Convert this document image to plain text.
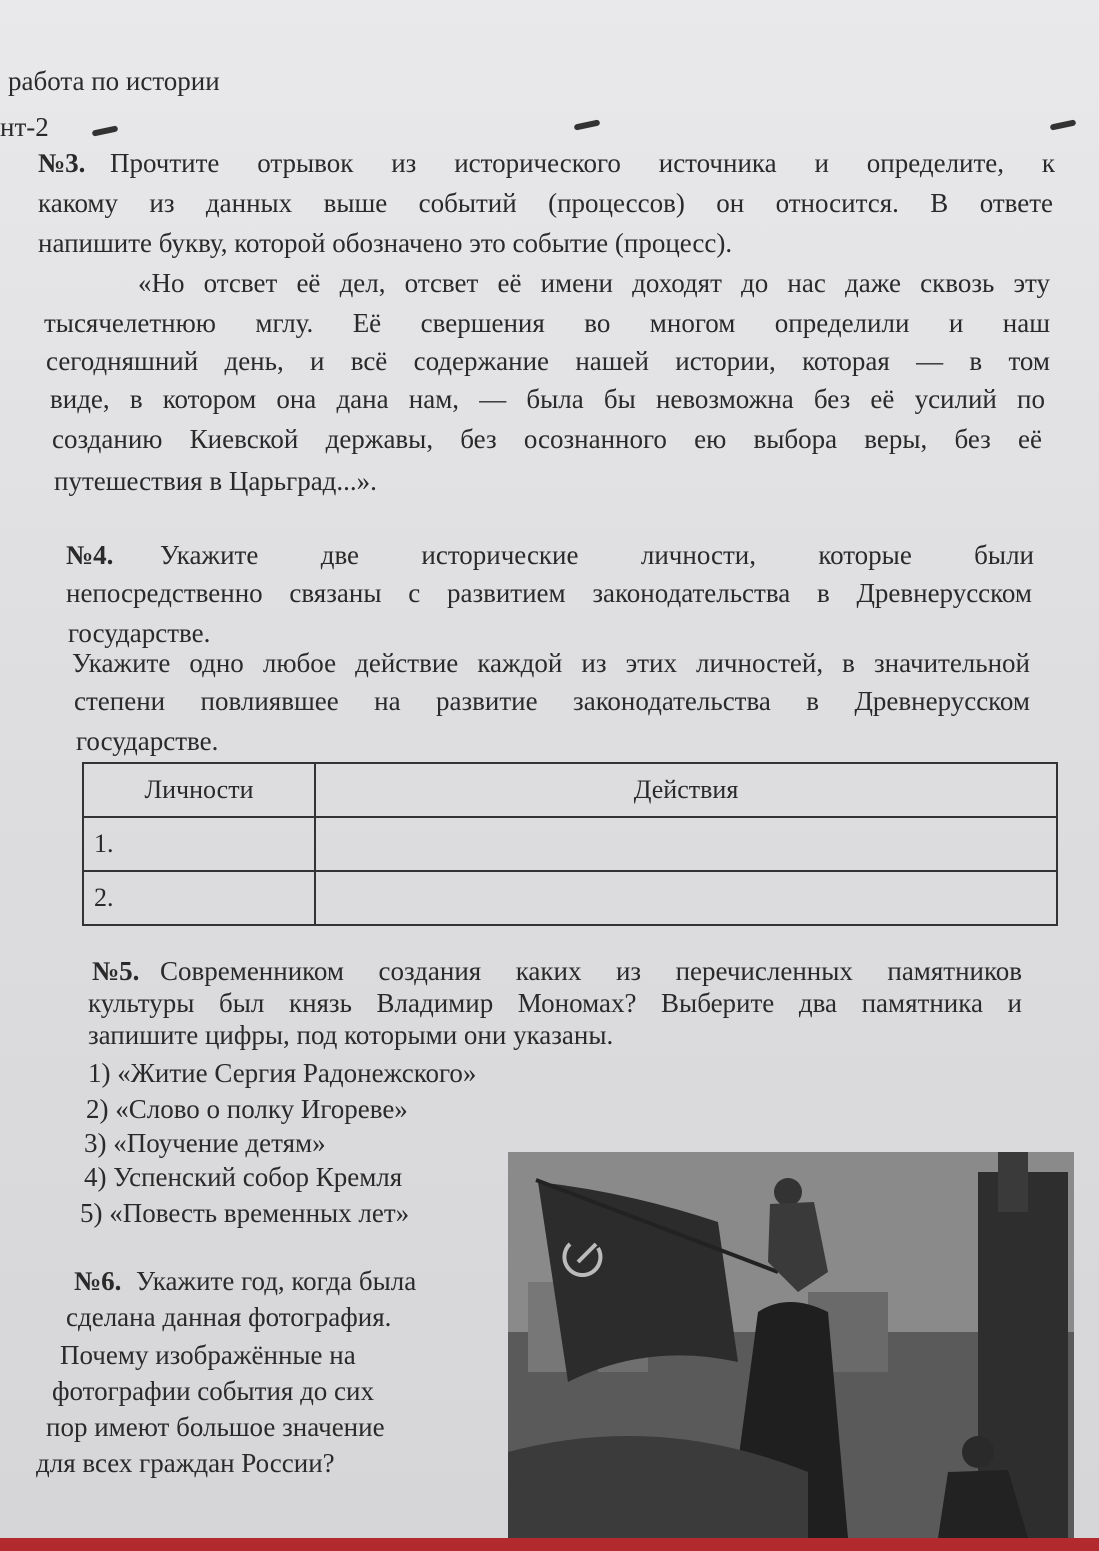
работа по истории
нт-2
№3. Прочтите отрывок из исторического источника и определите, к
какому из данных выше событий (процессов) он относится. В ответе
напишите букву, которой обозначено это событие (процесс).
«Но отсвет её дел, отсвет её имени доходят до нас даже сквозь эту
тысячелетнюю мглу. Её свершения во многом определили и наш
сегодняшний день, и всё содержание нашей истории, которая — в том
виде, в котором она дана нам, — была бы невозможна без её усилий по
созданию Киевской державы, без осознанного ею выбора веры, без её
путешествия в Царьград...».
№4. Укажите две исторические личности, которые были
непосредственно связаны с развитием законодательства в Древнерусском
государстве.
Укажите одно любое действие каждой из этих личностей, в значительной
степени повлиявшее на развитие законодательства в Древнерусском
государстве.
Личности	Действия
1.	
2.	
№5. Современником создания каких из перечисленных памятников
культуры был князь Владимир Мономах? Выберите два памятника и
запишите цифры, под которыми они указаны.
1) «Житие Сергия Радонежского»
2) «Слово о полку Игореве»
3) «Поучение детям»
4) Успенский собор Кремля
5) «Повесть временных лет»
№6. Укажите год, когда была
сделана данная фотография.
Почему изображённые на
фотографии события до сих
пор имеют большое значение
для всех граждан России?
